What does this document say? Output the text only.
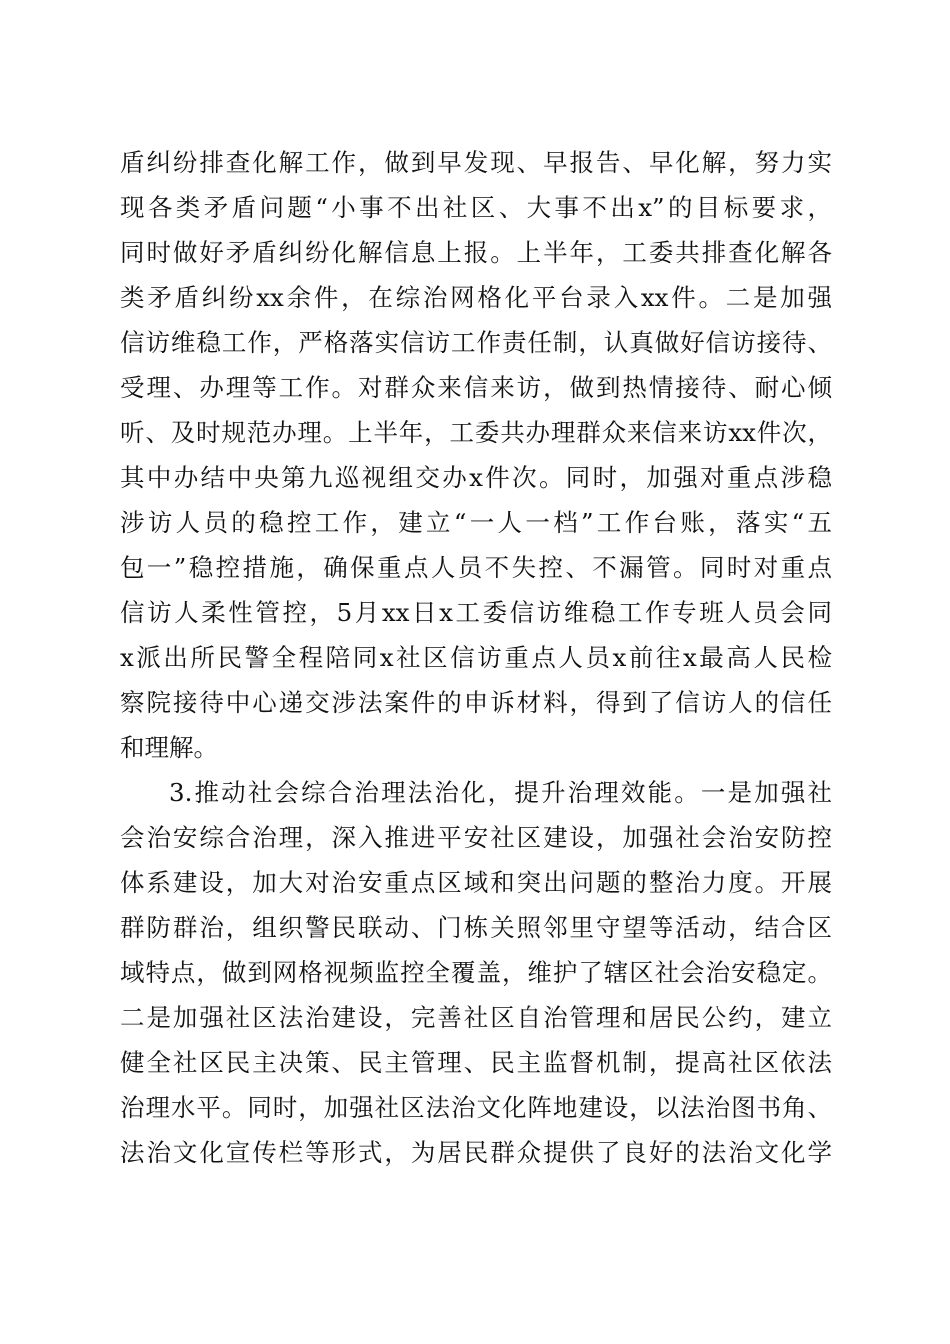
盾纠纷排查化解工作，做到早发现、早报告、早化解，努力实
现各类矛盾问题“小事不出社区、大事不出x”的目标要求，
同时做好矛盾纠纷化解信息上报。上半年，工委共排查化解各
类矛盾纠纷xx余件，在综治网格化平台录入xx件。二是加强
信访维稳工作，严格落实信访工作责任制，认真做好信访接待、
受理、办理等工作。对群众来信来访，做到热情接待、耐心倾
听、及时规范办理。上半年，工委共办理群众来信来访xx件次，
其中办结中央第九巡视组交办x件次。同时，加强对重点涉稳
涉访人员的稳控工作，建立“一人一档”工作台账，落实“五
包一”稳控措施，确保重点人员不失控、不漏管。同时对重点
信访人柔性管控，5月xx日x工委信访维稳工作专班人员会同
x派出所民警全程陪同x社区信访重点人员x前往x最高人民检
察院接待中心递交涉法案件的申诉材料，得到了信访人的信任
和理解。
3.推动社会综合治理法治化，提升治理效能。一是加强社
会治安综合治理，深入推进平安社区建设，加强社会治安防控
体系建设，加大对治安重点区域和突出问题的整治力度。开展
群防群治，组织警民联动、门栋关照邻里守望等活动，结合区
域特点，做到网格视频监控全覆盖，维护了辖区社会治安稳定。
二是加强社区法治建设，完善社区自治管理和居民公约，建立
健全社区民主决策、民主管理、民主监督机制，提高社区依法
治理水平。同时，加强社区法治文化阵地建设，以法治图书角、
法治文化宣传栏等形式，为居民群众提供了良好的法治文化学
